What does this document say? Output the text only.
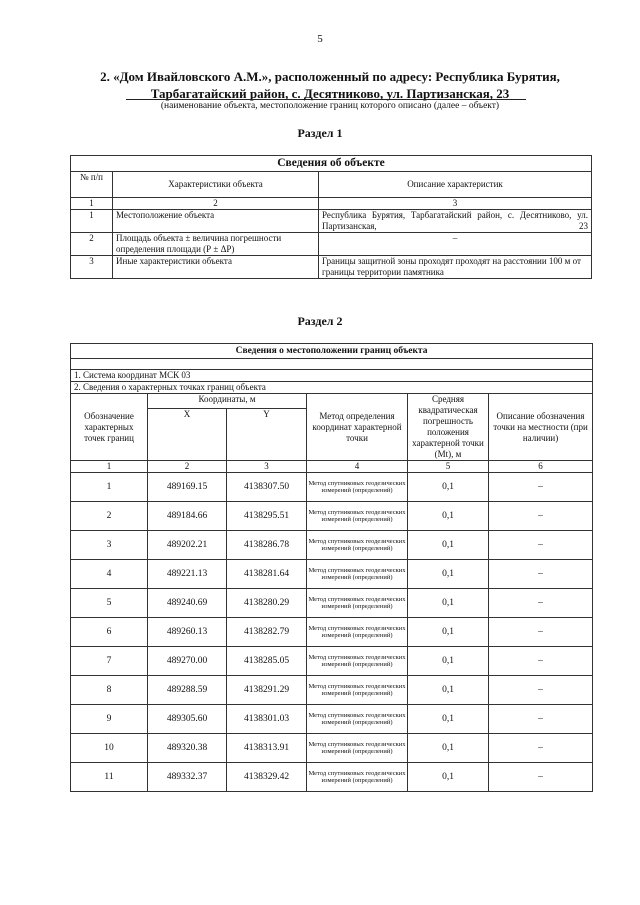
5
2. «Дом Ивайловского А.М.», расположенный по адресу: Республика Бурятия,
Тарбагатайский район, с. Десятниково, ул. Партизанская, 23
(наименование объекта, местоположение границ которого описано (далее – объект)
Раздел 1
Сведения об объекте		
№ п/п	Характеристики объекта	Описание характеристик
1	2	3
1	Местоположение объекта	Республика Бурятия, Тарбагатайский район, с. Десятниково, ул. Партизанская, 23
2	Площадь объекта ± величина погрешности определения площади (Р ± ΔР)	–
3	Иные характеристики объекта	Границы защитной зоны проходят проходят на расстоянии 100 м от границы территории памятника
Раздел 2
Сведения о местоположении границ объекта					

1. Система координат МСК 03					
2. Сведения о характерных точках границ объекта					
Обозначение характерных точек границ	Координаты, м		Метод определения координат характерной точки	Средняя квадратическая погрешность положения характерной точки (Мt), м	Описание обозначения точки на местности (при наличии)
	X	Y			
1	2	3	4	5	6
1	489169.15	4138307.50	Метод спутниковых геодезических измерений (определений)	0,1	–
2	489184.66	4138295.51	Метод спутниковых геодезических измерений (определений)	0,1	–
3	489202.21	4138286.78	Метод спутниковых геодезических измерений (определений)	0,1	–
4	489221.13	4138281.64	Метод спутниковых геодезических измерений (определений)	0,1	–
5	489240.69	4138280.29	Метод спутниковых геодезических измерений (определений)	0,1	–
6	489260.13	4138282.79	Метод спутниковых геодезических измерений (определений)	0,1	–
7	489270.00	4138285.05	Метод спутниковых геодезических измерений (определений)	0,1	–
8	489288.59	4138291.29	Метод спутниковых геодезических измерений (определений)	0,1	–
9	489305.60	4138301.03	Метод спутниковых геодезических измерений (определений)	0,1	–
10	489320.38	4138313.91	Метод спутниковых геодезических измерений (определений)	0,1	–
11	489332.37	4138329.42	Метод спутниковых геодезических измерений (определений)	0,1	–
